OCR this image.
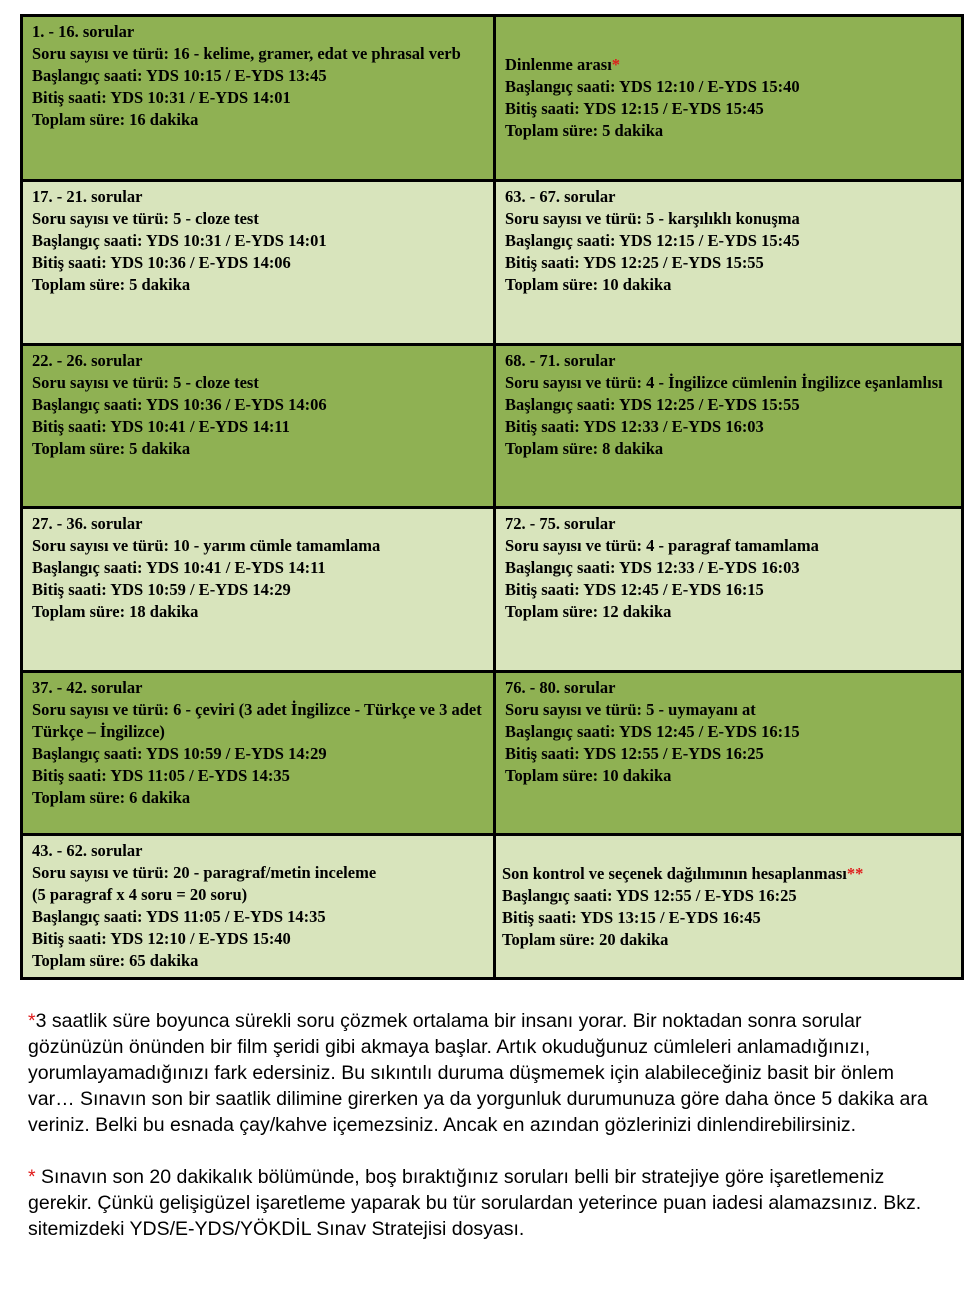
1. - 16. sorular
Soru sayısı ve türü: 16 - kelime, gramer, edat ve phrasal verb
Başlangıç saati: YDS 10:15 / E-YDS 13:45
Bitiş saati: YDS 10:31 / E-YDS 14:01
Toplam süre: 16 dakika
Dinlenme arası*
Başlangıç saati: YDS 12:10 / E-YDS 15:40
Bitiş saati: YDS 12:15 / E-YDS 15:45
Toplam süre: 5 dakika
17. - 21. sorular
Soru sayısı ve türü: 5 - cloze test
Başlangıç saati: YDS 10:31 / E-YDS 14:01
Bitiş saati: YDS 10:36 / E-YDS 14:06
Toplam süre: 5 dakika
63. - 67. sorular
Soru sayısı ve türü: 5 - karşılıklı konuşma
Başlangıç saati: YDS 12:15 / E-YDS 15:45
Bitiş saati: YDS 12:25 / E-YDS 15:55
Toplam süre: 10 dakika
22. - 26. sorular
Soru sayısı ve türü: 5 - cloze test
Başlangıç saati: YDS 10:36 / E-YDS 14:06
Bitiş saati: YDS 10:41 / E-YDS 14:11
Toplam süre: 5 dakika
68. - 71. sorular
Soru sayısı ve türü: 4 - İngilizce cümlenin İngilizce eşanlamlısı
Başlangıç saati: YDS 12:25 / E-YDS 15:55
Bitiş saati: YDS 12:33 / E-YDS 16:03
Toplam süre: 8 dakika
27. - 36. sorular
Soru sayısı ve türü: 10 - yarım cümle tamamlama
Başlangıç saati: YDS 10:41 / E-YDS 14:11
Bitiş saati: YDS 10:59 / E-YDS 14:29
Toplam süre: 18 dakika
72. - 75. sorular
Soru sayısı ve türü: 4 - paragraf tamamlama
Başlangıç saati: YDS 12:33 / E-YDS 16:03
Bitiş saati: YDS 12:45 / E-YDS 16:15
Toplam süre: 12 dakika
37. - 42. sorular
Soru sayısı ve türü: 6 - çeviri (3 adet İngilizce - Türkçe ve 3 adet Türkçe – İngilizce)
Başlangıç saati: YDS 10:59 / E-YDS 14:29
Bitiş saati: YDS 11:05 / E-YDS 14:35
Toplam süre: 6 dakika
76. - 80. sorular
Soru sayısı ve türü: 5 - uymayanı at
Başlangıç saati: YDS 12:45 / E-YDS 16:15
Bitiş saati: YDS 12:55 / E-YDS 16:25
Toplam süre: 10 dakika
43. - 62. sorular
Soru sayısı ve türü: 20 - paragraf/metin inceleme
(5 paragraf x 4 soru = 20 soru)
Başlangıç saati: YDS 11:05 / E-YDS 14:35
Bitiş saati: YDS 12:10 / E-YDS 15:40
Toplam süre: 65 dakika
Son kontrol ve seçenek dağılımının hesaplanması**
Başlangıç saati: YDS 12:55 / E-YDS 16:25
Bitiş saati: YDS 13:15 / E-YDS 16:45
Toplam süre: 20 dakika

*3 saatlik süre boyunca sürekli soru çözmek ortalama bir insanı yorar. Bir noktadan sonra sorular gözünüzün önünden bir film şeridi gibi akmaya başlar. Artık okuduğunuz cümleleri anlamadığınızı, yorumlayamadığınızı fark edersiniz. Bu sıkıntılı duruma düşmemek için alabileceğiniz basit bir önlem var… Sınavın son bir saatlik dilimine girerken ya da yorgunluk durumunuza göre daha önce 5 dakika ara veriniz. Belki bu esnada çay/kahve içemezsiniz. Ancak en azından gözlerinizi dinlendirebilirsiniz.

* Sınavın son 20 dakikalık bölümünde, boş bıraktığınız soruları belli bir stratejiye göre işaretlemeniz gerekir. Çünkü gelişigüzel işaretleme yaparak bu tür sorulardan yeterince puan iadesi alamazsınız. Bkz. sitemizdeki YDS/E-YDS/YÖKDİL Sınav Stratejisi dosyası.
